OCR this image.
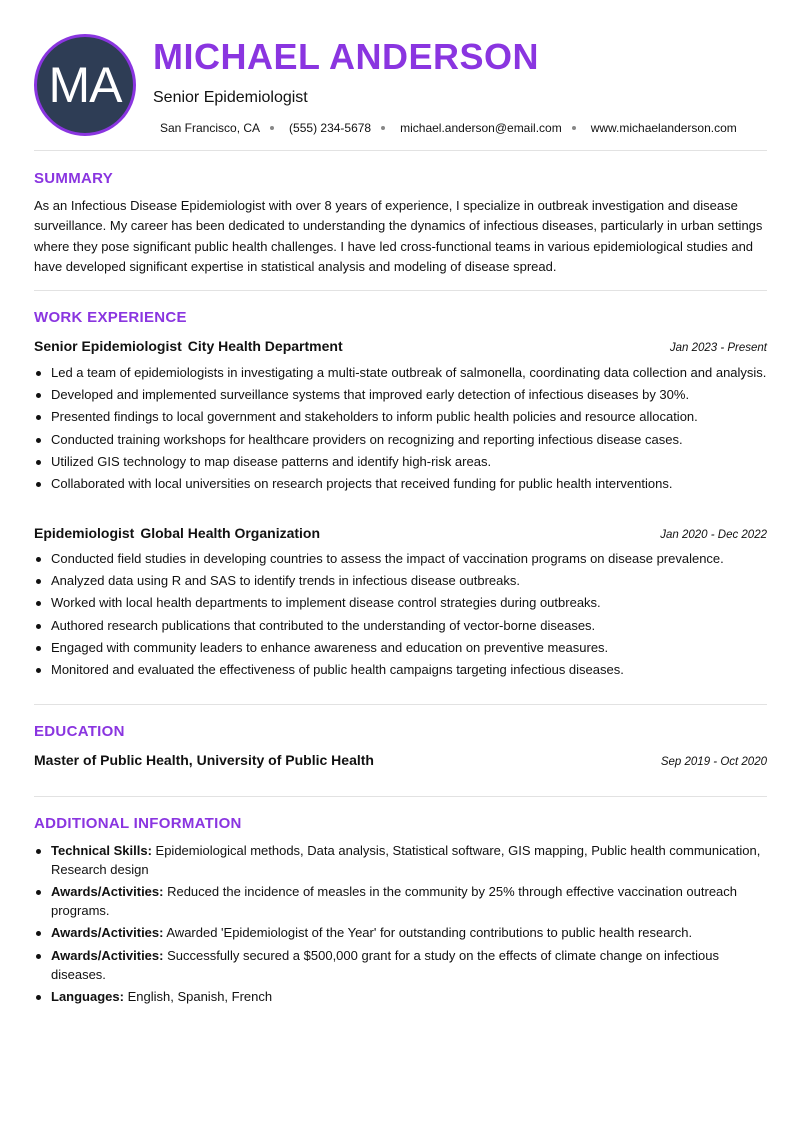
MA
MICHAEL ANDERSON
Senior Epidemiologist
San Francisco, CA (555) 234-5678 michael.anderson@email.com www.michaelanderson.com
SUMMARY
As an Infectious Disease Epidemiologist with over 8 years of experience, I specialize in outbreak investigation and disease surveillance. My career has been dedicated to understanding the dynamics of infectious diseases, particularly in urban settings where they pose significant public health challenges. I have led cross-functional teams in various epidemiological studies and have developed significant expertise in statistical analysis and modeling of disease spread.
WORK EXPERIENCE
Senior Epidemiologist City Health Department	Jan 2023 - Present
Led a team of epidemiologists in investigating a multi-state outbreak of salmonella, coordinating data collection and analysis.
Developed and implemented surveillance systems that improved early detection of infectious diseases by 30%.
Presented findings to local government and stakeholders to inform public health policies and resource allocation.
Conducted training workshops for healthcare providers on recognizing and reporting infectious disease cases.
Utilized GIS technology to map disease patterns and identify high-risk areas.
Collaborated with local universities on research projects that received funding for public health interventions.
Epidemiologist Global Health Organization	Jan 2020 - Dec 2022
Conducted field studies in developing countries to assess the impact of vaccination programs on disease prevalence.
Analyzed data using R and SAS to identify trends in infectious disease outbreaks.
Worked with local health departments to implement disease control strategies during outbreaks.
Authored research publications that contributed to the understanding of vector-borne diseases.
Engaged with community leaders to enhance awareness and education on preventive measures.
Monitored and evaluated the effectiveness of public health campaigns targeting infectious diseases.
EDUCATION
Master of Public Health, University of Public Health	Sep 2019 - Oct 2020
ADDITIONAL INFORMATION
Technical Skills: Epidemiological methods, Data analysis, Statistical software, GIS mapping, Public health communication, Research design
Awards/Activities: Reduced the incidence of measles in the community by 25% through effective vaccination outreach programs.
Awards/Activities: Awarded 'Epidemiologist of the Year' for outstanding contributions to public health research.
Awards/Activities: Successfully secured a $500,000 grant for a study on the effects of climate change on infectious diseases.
Languages: English, Spanish, French
